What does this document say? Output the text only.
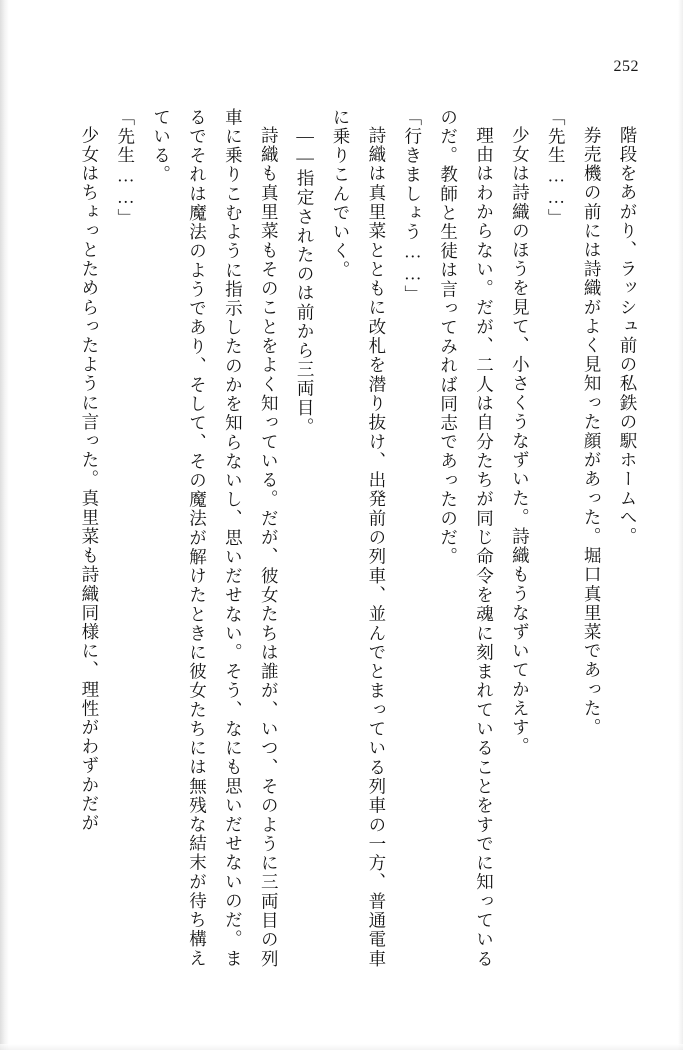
252

階段をあがり、ラッシュ前の私鉄の駅ホームへ。

券売機の前には詩織がよく見知った顔があった。堀口真里菜であった。

「先生……」

少女は詩織のほうを見て、小さくうなずいた。詩織もうなずいてかえす。

理由はわからない。だが、二人は自分たちが同じ命令を魂に刻まれていることをすでに知っているのだ。教師と生徒は言ってみれば同志であったのだ。

「行きましょう……」

詩織は真里菜とともに改札を潜り抜け、出発前の列車、並んでとまっている列車の一方、普通電車に乗りこんでいく。

――指定されたのは前から三両目。

詩織も真里菜もそのことをよく知っている。だが、彼女たちは誰が、いつ、そのように三両目の列車に乗りこむように指示したのかを知らないし、思いだせない。そう、なにも思いだせないのだ。まるでそれは魔法のようであり、そして、その魔法が解けたときに彼女たちには無残な結末が待ち構えている。

「先生……」

少女はちょっとためらったように言った。真里菜も詩織同様に、理性がわずかだが
